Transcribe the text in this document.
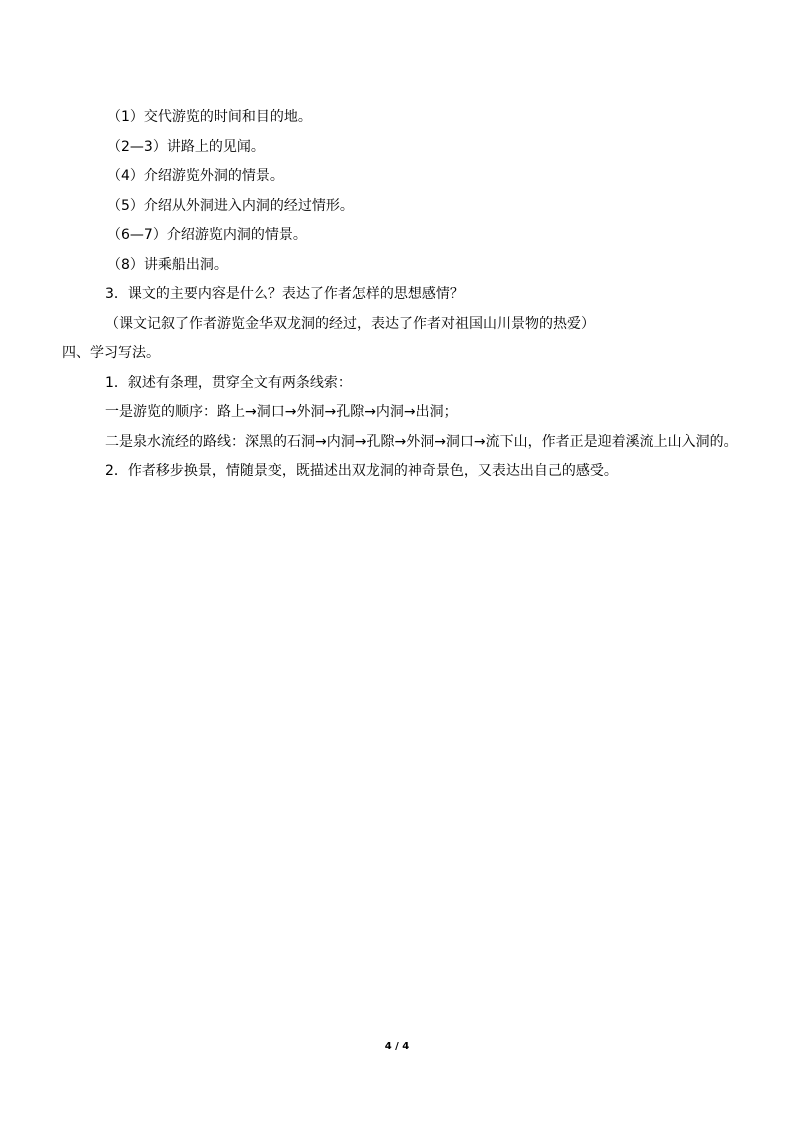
（1）交代游览的时间和目的地。

（2—3）讲路上的见闻。

（4）介绍游览外洞的情景。

（5）介绍从外洞进入内洞的经过情形。

（6—7）介绍游览内洞的情景。

（8）讲乘船出洞。

3．课文的主要内容是什么？表达了作者怎样的思想感情？

（课文记叙了作者游览金华双龙洞的经过，表达了作者对祖国山川景物的热爱）

四、学习写法。

1．叙述有条理，贯穿全文有两条线索：

一是游览的顺序：路上→洞口→外洞→孔隙→内洞→出洞；

二是泉水流经的路线：深黑的石洞→内洞→孔隙→外洞→洞口→流下山，作者正是迎着溪流上山入洞的。

2．作者移步换景，情随景变，既描述出双龙洞的神奇景色，又表达出自己的感受。

4 / 4
